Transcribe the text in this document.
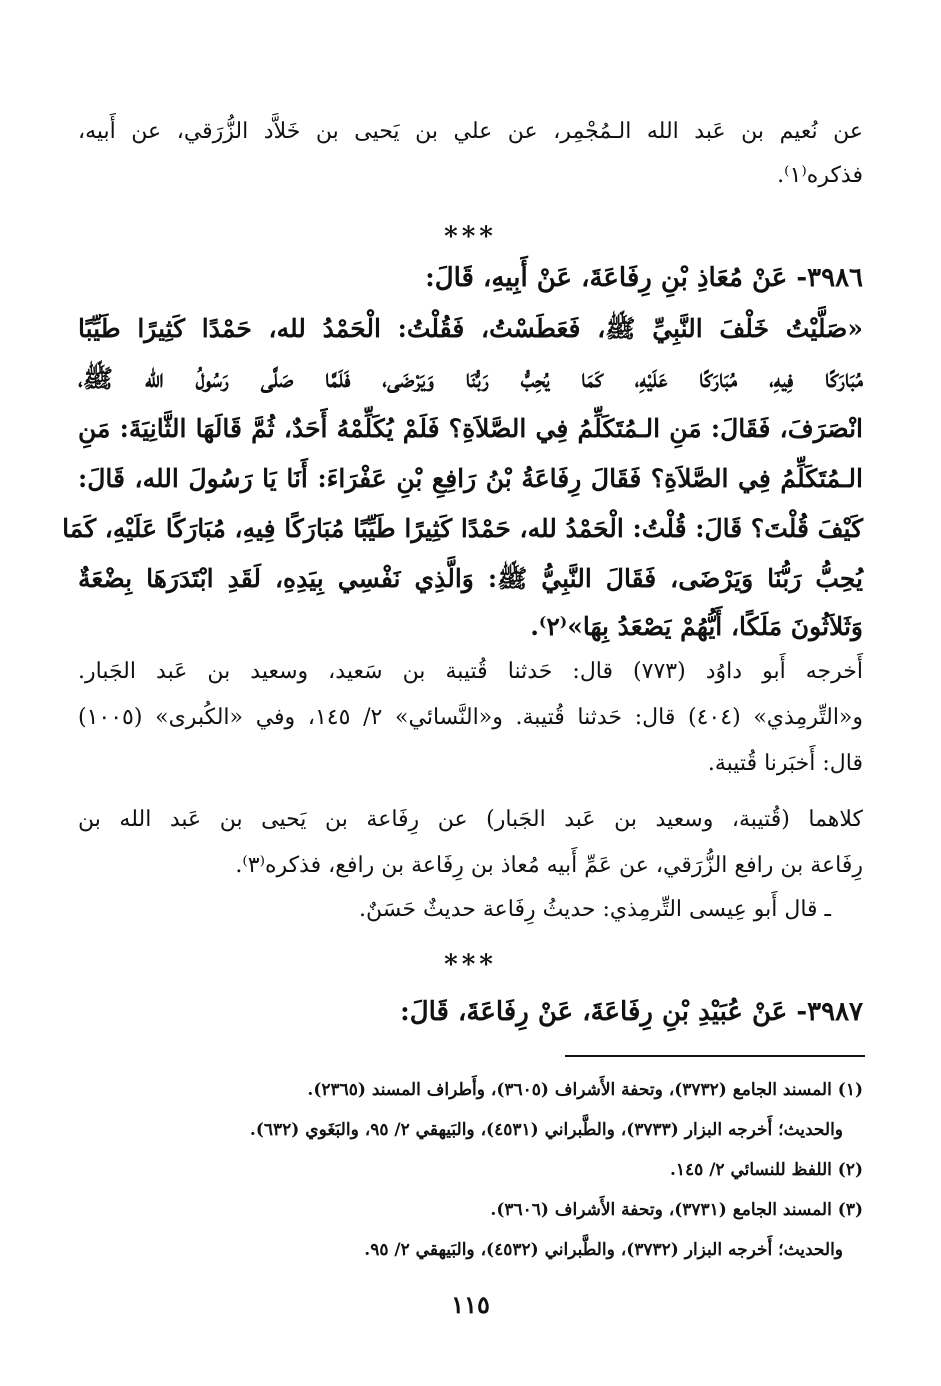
عن نُعيم بن عَبد الله الـمُجْمِر، عن علي بن يَحيى بن خَلاَّد الزُّرَقي، عن أَبيه،
فذكره⁽١⁾.
***
٣٩٨٦- عَنْ مُعَاذِ بْنِ رِفَاعَةَ، عَنْ أَبِيهِ، قَالَ:
«صَلَّيْتُ خَلْفَ النَّبِيِّ ﷺ، فَعَطَسْتُ، فَقُلْتُ: الْحَمْدُ لله، حَمْدًا كَثِيرًا طَيِّبًا
مُبَارَكًا فِيهِ، مُبَارَكًا عَلَيْهِ، كَمَا يُحِبُّ رَبُّنَا وَيَرْضَى، فَلَمَّا صَلَّى رَسُولُ الله ﷺ،
انْصَرَفَ، فَقَالَ: مَنِ الـمُتَكَلِّمُ فِي الصَّلاَةِ؟ فَلَمْ يُكَلِّمْهُ أَحَدٌ، ثُمَّ قَالَهَا الثَّانِيَةَ: مَنِ
الـمُتَكَلِّمُ فِي الصَّلاَةِ؟ فَقَالَ رِفَاعَةُ بْنُ رَافِعِ بْنِ عَفْرَاءَ: أَنَا يَا رَسُولَ الله، قَالَ:
كَيْفَ قُلْتَ؟ قَالَ: قُلْتُ: الْحَمْدُ لله، حَمْدًا كَثِيرًا طَيِّبًا مُبَارَكًا فِيهِ، مُبَارَكًا عَلَيْهِ، كَمَا
يُحِبُّ رَبُّنَا وَيَرْضَى، فَقَالَ النَّبِيُّ ﷺ: وَالَّذِي نَفْسِي بِيَدِهِ، لَقَدِ ابْتَدَرَهَا بِضْعَةٌ
وَثَلاَثُونَ مَلَكًا، أَيُّهُمْ يَصْعَدُ بِهَا»⁽٢⁾.
أَخرجه أَبو داوُد (٧٧٣) قال: حَدثنا قُتيبة بن سَعيد، وسعيد بن عَبد الجَبار.
و«التِّرمِذي» (٤٠٤) قال: حَدثنا قُتيبة. و«النَّسائي» ٢/ ١٤٥، وفي «الكُبرى» (١٠٠٥)
قال: أَخبَرنا قُتيبة.
كلاهما (قُتيبة، وسعيد بن عَبد الجَبار) عن رِفَاعة بن يَحيى بن عَبد الله بن
رِفَاعة بن رافع الزُّرَقي، عن عَمِّ أَبيه مُعاذ بن رِفَاعة بن رافع، فذكره⁽٣⁾.
ـ قال أَبو عِيسى التِّرمِذي: حديثُ رِفَاعة حديثٌ حَسَنٌ.
***
٣٩٨٧- عَنْ عُبَيْدِ بْنِ رِفَاعَةَ، عَنْ رِفَاعَةَ، قَالَ:
(١) المسند الجامع (٣٧٣٢)، وتحفة الأَشراف (٣٦٠٥)، وأَطراف المسند (٢٣٦٥).
والحديث؛ أَخرجه البزار (٣٧٣٣)، والطَّبراني (٤٥٣١)، والبَيهقي ٢/ ٩٥، والبَغَوي (٦٣٢).
(٢) اللفظ للنسائي ٢/ ١٤٥.
(٣) المسند الجامع (٣٧٣١)، وتحفة الأَشراف (٣٦٠٦).
والحديث؛ أَخرجه البزار (٣٧٣٢)، والطَّبراني (٤٥٣٢)، والبَيهقي ٢/ ٩٥.
١١٥
